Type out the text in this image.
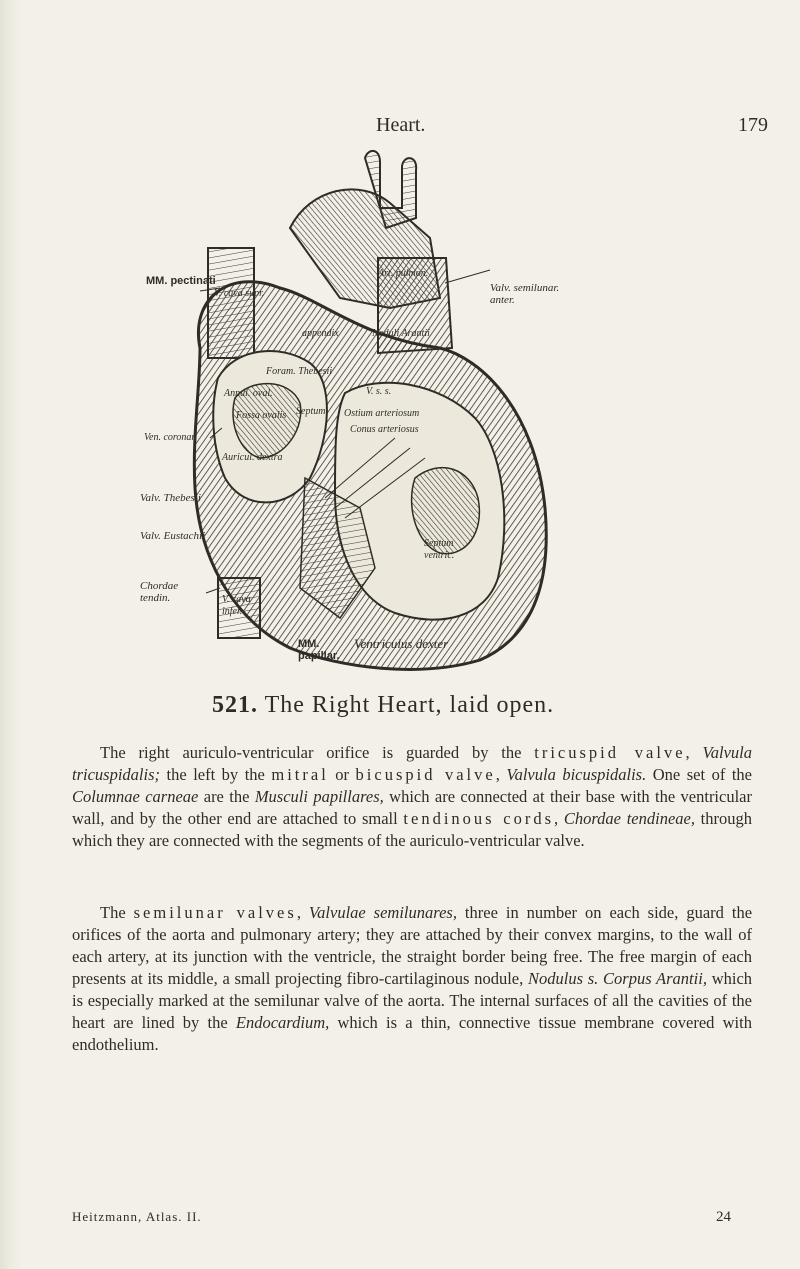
Heart.	179
MM. pectinati
V. cava supr.
appendix
Art. pulmon.
Noduli Arantii
Valv. semilunar. anter.
Foram. Thebesii
Annul. oval.
Fossa ovalis Septum
V. s. s.
Ostium arteriosum
Conus arteriosus
Ven. coronar.
Auricul. dextra
Valv. Thebesii
Valv. Eustachii
Chordae tendin.	V. cava infer.
Septum ventric.
Ventriculus dexter
MM. papillar.
521. The Right Heart, laid open.

The right auriculo-ventricular orifice is guarded by the tricuspid valve, Valvula tricuspidalis; the left by the mitral or bicuspid valve, Valvula bicuspidalis. One set of the Columnae carneae are the Musculi papillares, which are connected at their base with the ventricular wall, and by the other end are attached to small tendinous cords, Chordae tendineae, through which they are connected with the segments of the auriculo-ventricular valve.

The semilunar valves, Valvulae semilunares, three in number on each side, guard the orifices of the aorta and pulmonary artery; they are attached by their convex margins, to the wall of each artery, at its junction with the ventricle, the straight border being free. The free margin of each presents at its middle, a small projecting fibro-cartilaginous nodule, Nodulus s. Corpus Arantii, which is especially marked at the semilunar valve of the aorta. The internal surfaces of all the cavities of the heart are lined by the Endocardium, which is a thin, connective tissue membrane covered with endothelium.

Heitzmann, Atlas. II.	24
